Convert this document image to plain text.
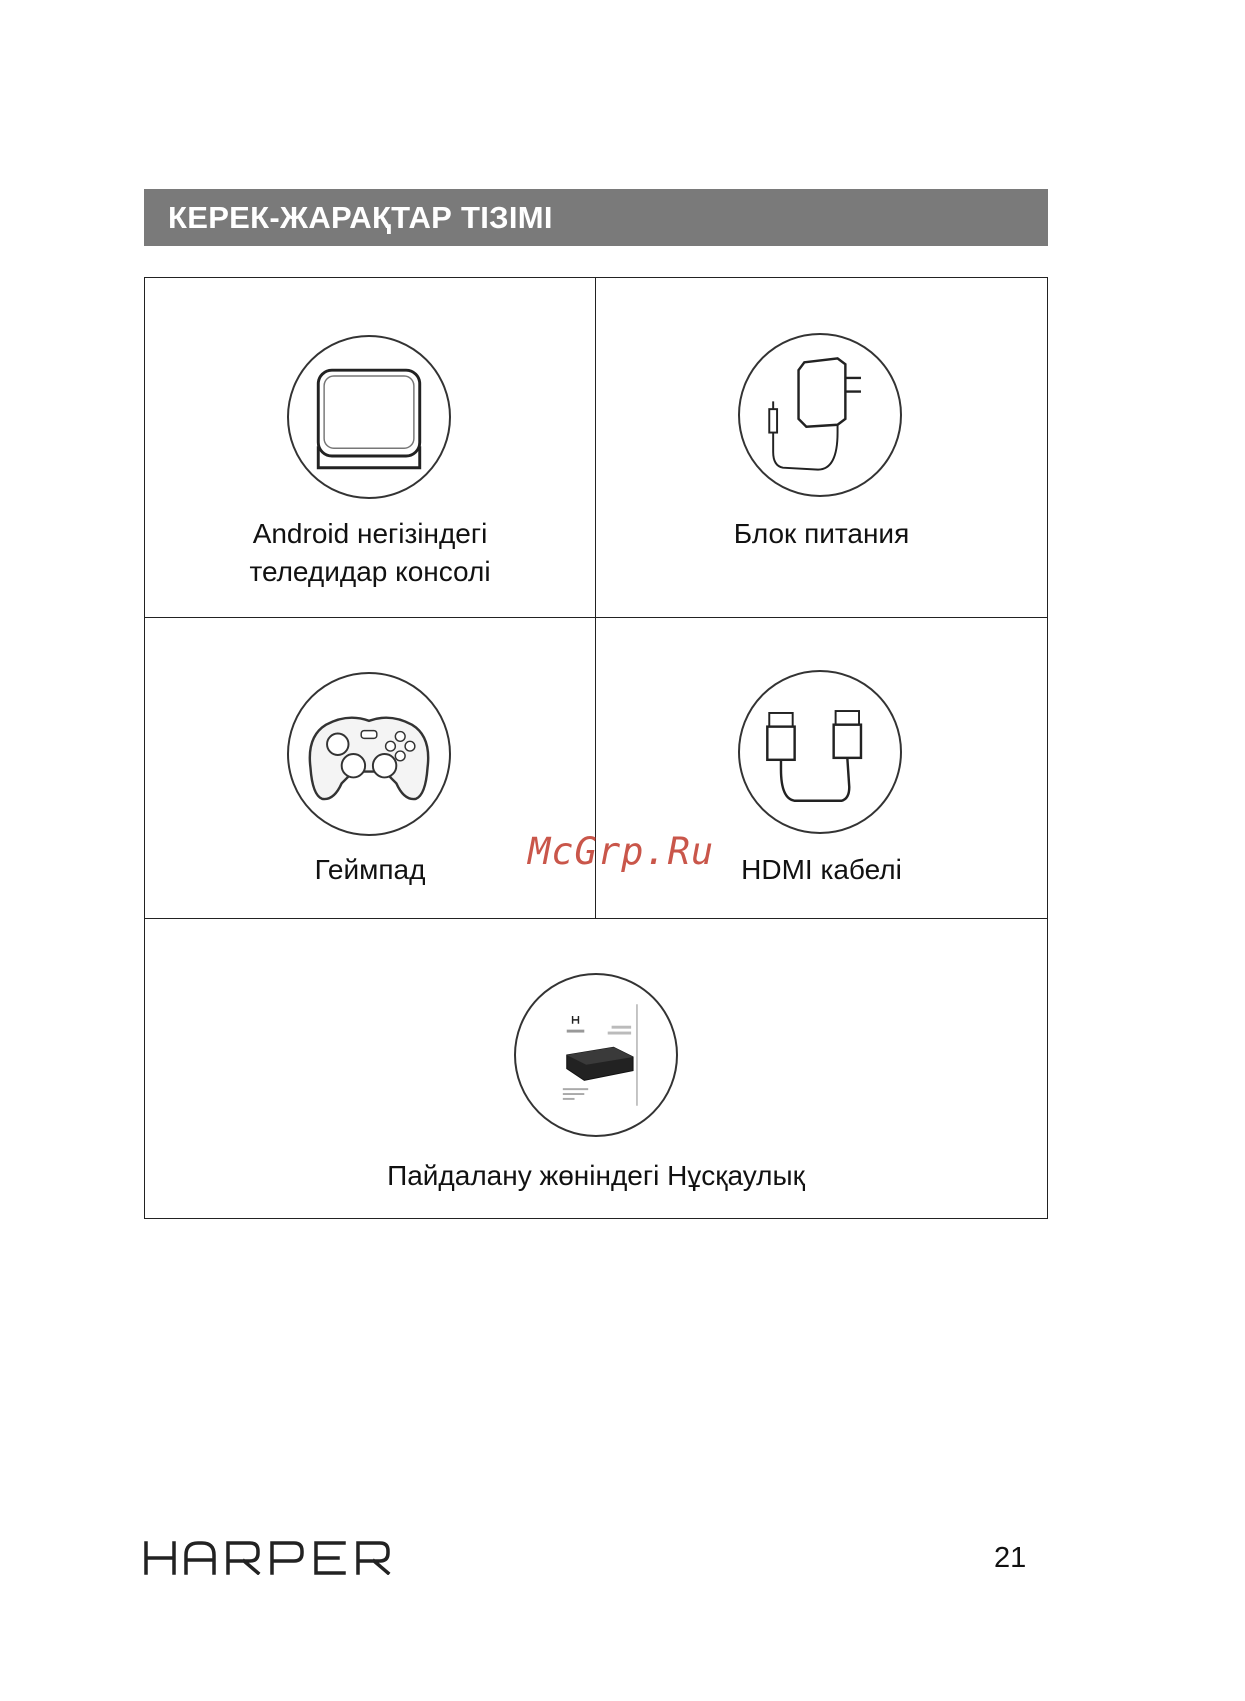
КЕРЕК-ЖАРАҚТАР ТІЗІМІ
Android негізіндегі
теледидар консолі
Блок питания
Геймпад	HDMI кабелі
Пайдалану жөніндегі Нұсқаулық
McGrp.Ru
21
